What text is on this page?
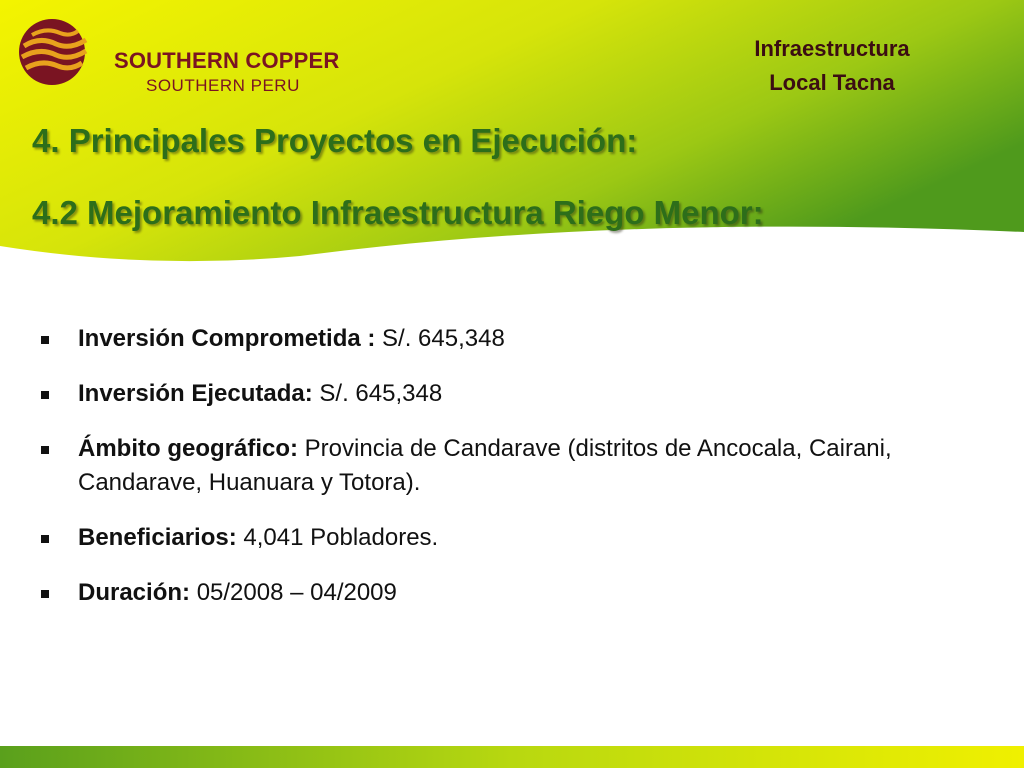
SOUTHERN COPPER
SOUTHERN PERU
Infraestructura
Local Tacna
4. Principales Proyectos en Ejecución:
4.2 Mejoramiento Infraestructura Riego Menor:
Inversión Comprometida : S/. 645,348
Inversión Ejecutada: S/. 645,348
Ámbito geográfico: Provincia de Candarave (distritos de Ancocala, Cairani, Candarave, Huanuara y Totora).
Beneficiarios: 4,041 Pobladores.
Duración: 05/2008 – 04/2009
